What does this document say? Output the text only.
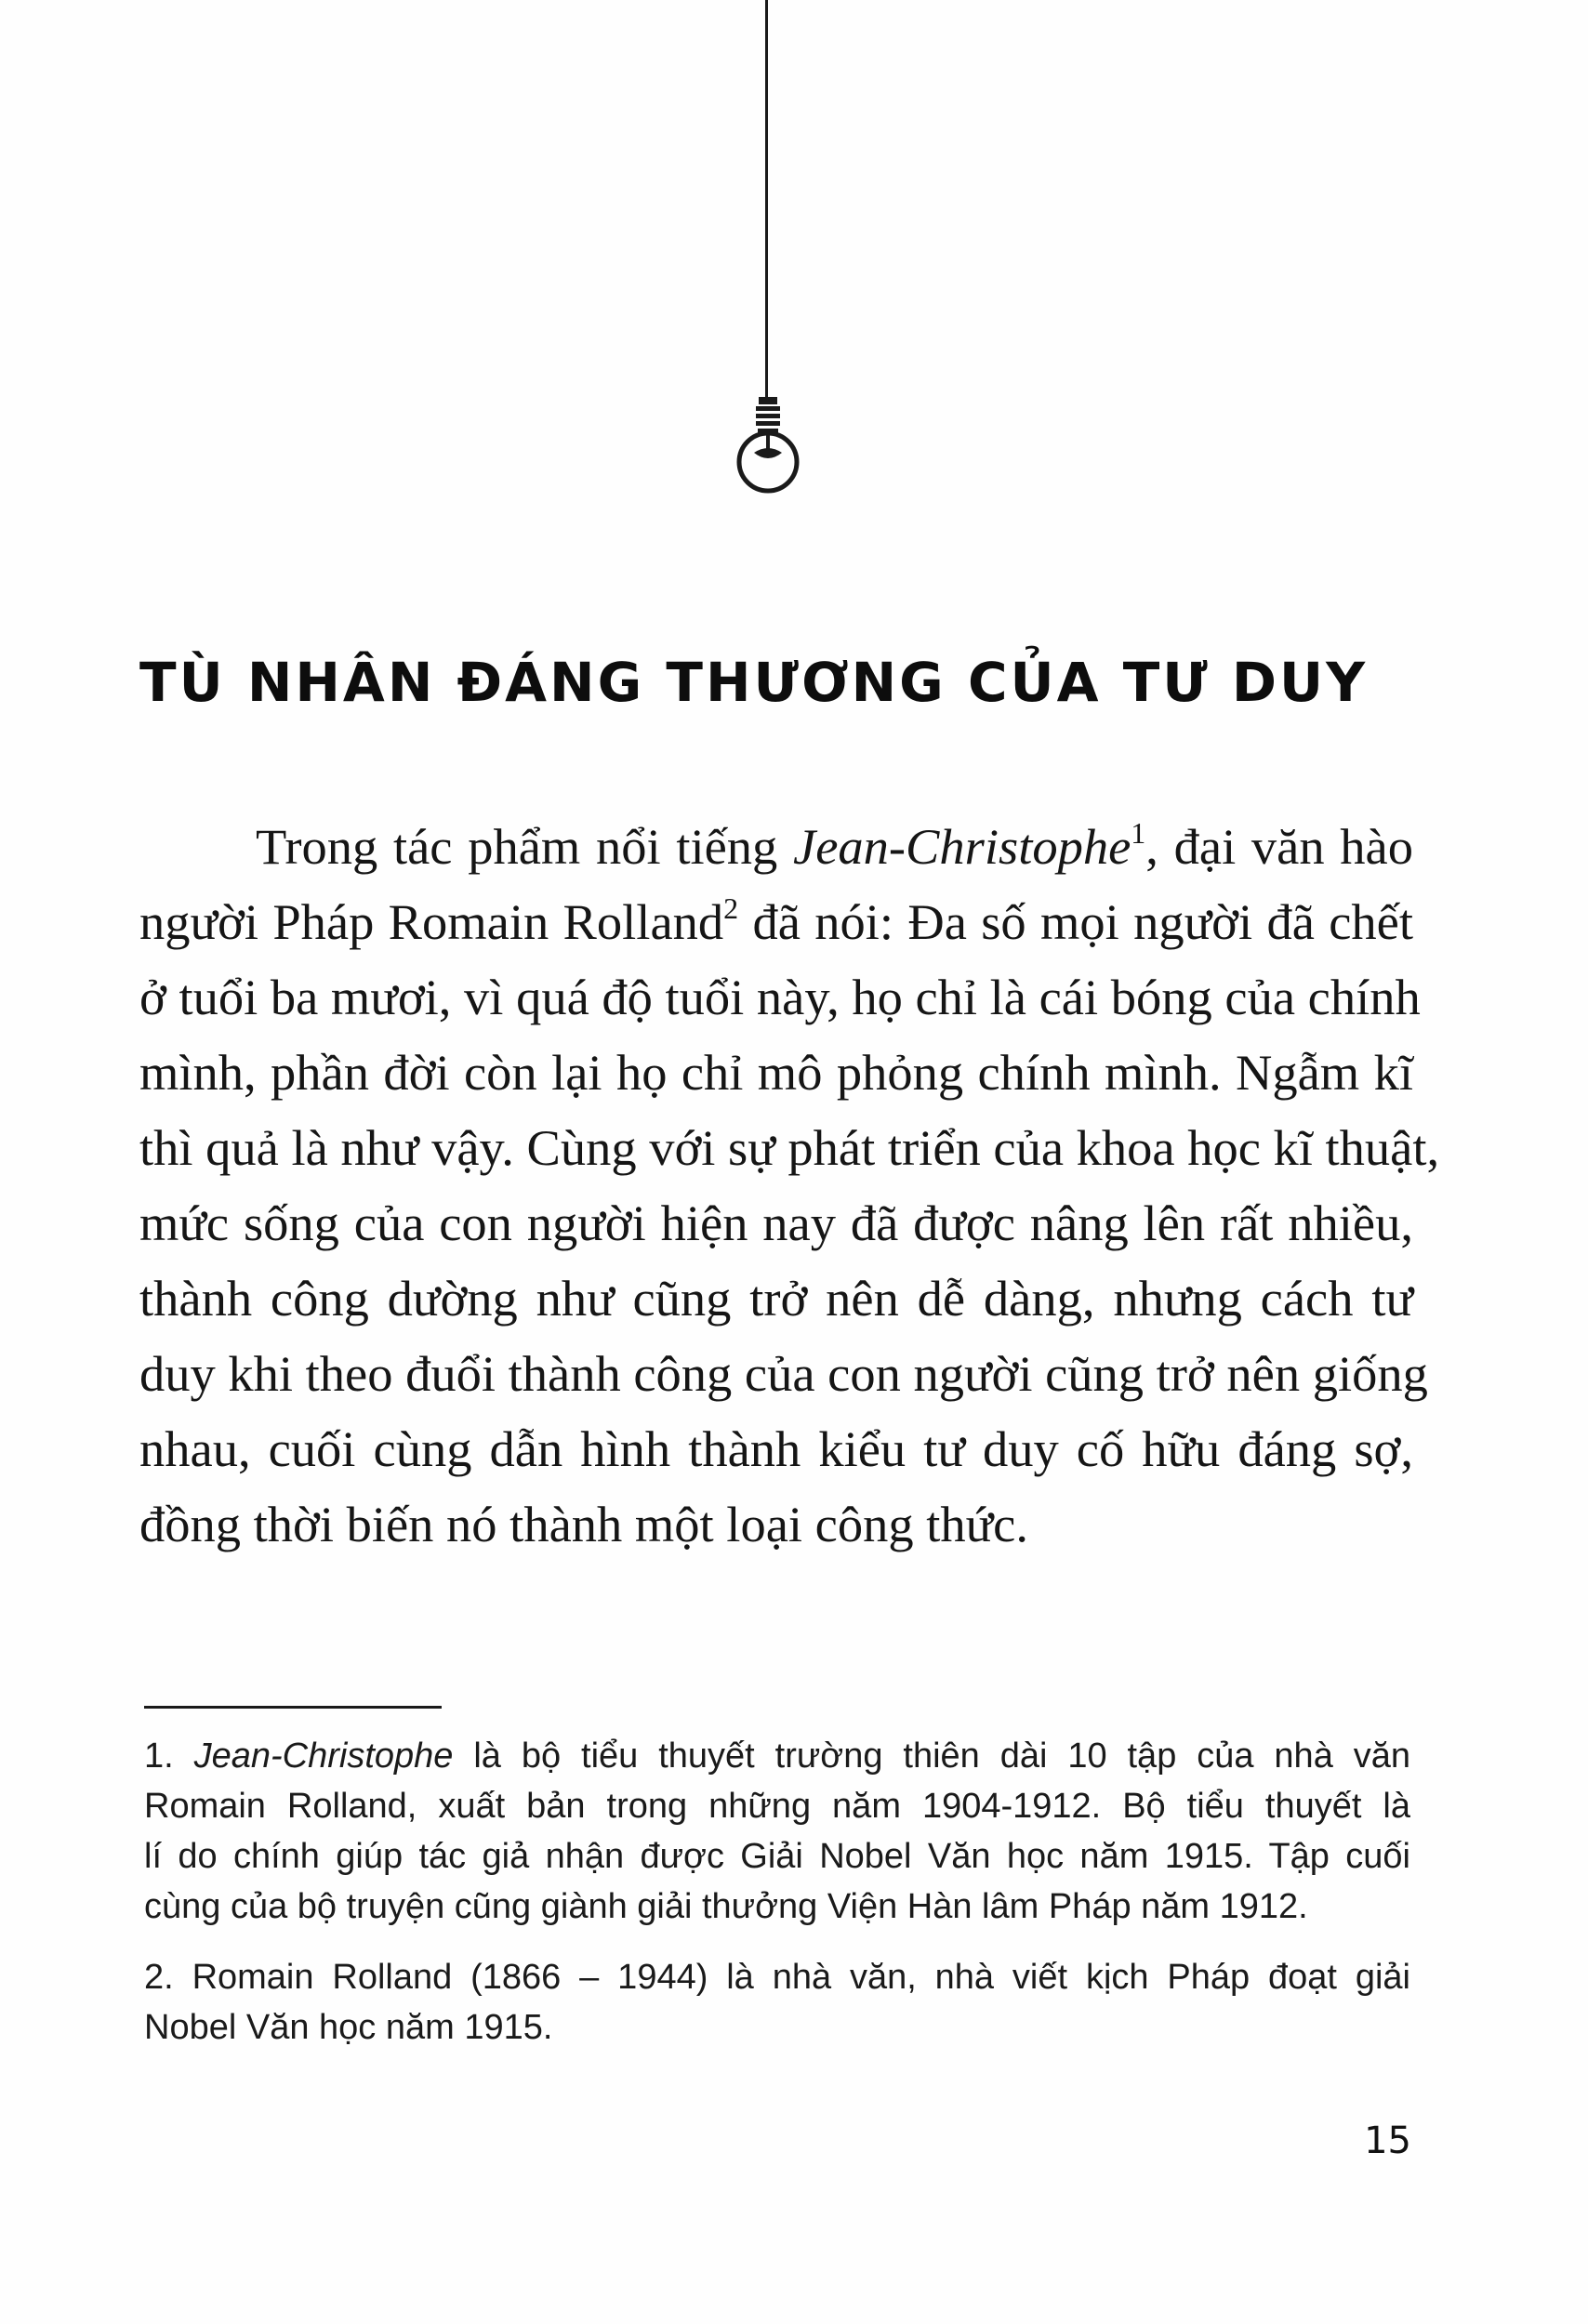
TÙ NHÂN ĐÁNG THƯƠNG CỦA TƯ DUY
Trong tác phẩm nổi tiếng Jean-Christophe$^1$, đại văn hào
người Pháp Romain Rolland$^2$ đã nói: Đa số mọi người đã chết
ở tuổi ba mươi, vì quá độ tuổi này, họ chỉ là cái bóng của chính
mình, phần đời còn lại họ chỉ mô phỏng chính mình. Ngẫm kĩ
thì quả là như vậy. Cùng với sự phát triển của khoa học kĩ thuật,
mức sống của con người hiện nay đã được nâng lên rất nhiều,
thành công dường như cũng trở nên dễ dàng, nhưng cách tư
duy khi theo đuổi thành công của con người cũng trở nên giống
nhau, cuối cùng dẫn hình thành kiểu tư duy cố hữu đáng sợ,
đồng thời biến nó thành một loại công thức.
1. Jean-Christophe là bộ tiểu thuyết trường thiên dài 10 tập của nhà văn
Romain Rolland, xuất bản trong những năm 1904-1912. Bộ tiểu thuyết là
lí do chính giúp tác giả nhận được Giải Nobel Văn học năm 1915. Tập cuối
cùng của bộ truyện cũng giành giải thưởng Viện Hàn lâm Pháp năm 1912.
2. Romain Rolland (1866 – 1944) là nhà văn, nhà viết kịch Pháp đoạt giải
Nobel Văn học năm 1915.
15
